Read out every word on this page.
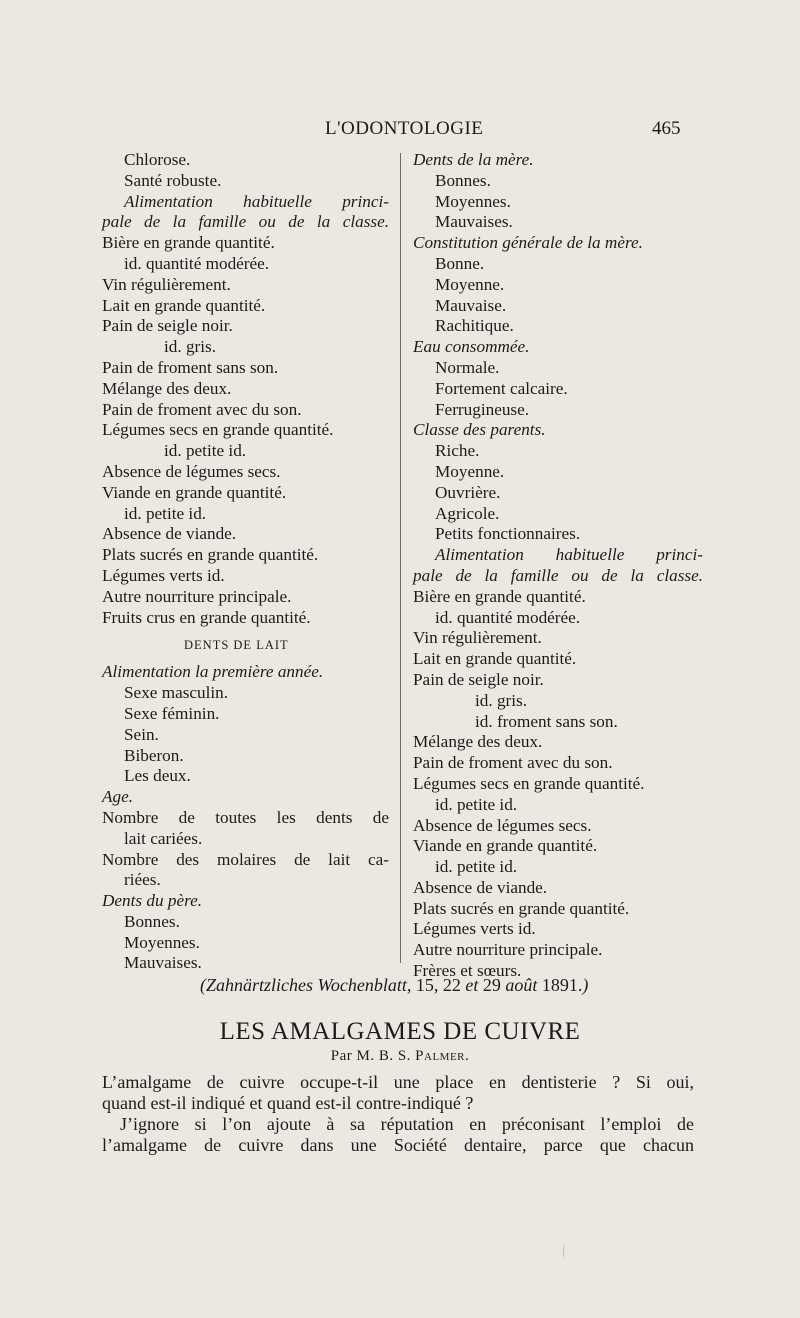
L'ODONTOLOGIE	465
Chlorose.
Santé robuste.
Alimentation habituelle princi-
pale de la famille ou de la classe.
Bière en grande quantité.
id. quantité modérée.
Vin régulièrement.
Lait en grande quantité.
Pain de seigle noir.
id. gris.
Pain de froment sans son.
Mélange des deux.
Pain de froment avec du son.
Légumes secs en grande quantité.
id. petite id.
Absence de légumes secs.
Viande en grande quantité.
id. petite id.
Absence de viande.
Plats sucrés en grande quantité.
Légumes verts id.
Autre nourriture principale.
Fruits crus en grande quantité.
DENTS DE LAIT
Alimentation la première année.
Sexe masculin.
Sexe féminin.
Sein.
Biberon.
Les deux.
Age.
Nombre de toutes les dents de
lait cariées.
Nombre des molaires de lait ca-
riées.
Dents du père.
Bonnes.
Moyennes.
Mauvaises.
Dents de la mère.
Bonnes.
Moyennes.
Mauvaises.
Constitution générale de la mère.
Bonne.
Moyenne.
Mauvaise.
Rachitique.
Eau consommée.
Normale.
Fortement calcaire.
Ferrugineuse.
Classe des parents.
Riche.
Moyenne.
Ouvrière.
Agricole.
Petits fonctionnaires.
Alimentation habituelle princi-
pale de la famille ou de la classe.
Bière en grande quantité.
id. quantité modérée.
Vin régulièrement.
Lait en grande quantité.
Pain de seigle noir.
id. gris.
id. froment sans son.
Mélange des deux.
Pain de froment avec du son.
Légumes secs en grande quantité.
id. petite id.
Absence de légumes secs.
Viande en grande quantité.
id. petite id.
Absence de viande.
Plats sucrés en grande quantité.
Légumes verts id.
Autre nourriture principale.
Frères et sœurs.
(Zahnärtzliches Wochenblatt, 15, 22 et 29 août 1891.)
LES AMALGAMES DE CUIVRE
Par M. B. S. Palmer.
L’amalgame de cuivre occupe-t-il une place en dentisterie ? Si oui,
quand est-il indiqué et quand est-il contre-indiqué ?
J’ignore si l’on ajoute à sa réputation en préconisant l’emploi de
l’amalgame de cuivre dans une Société dentaire, parce que chacun
